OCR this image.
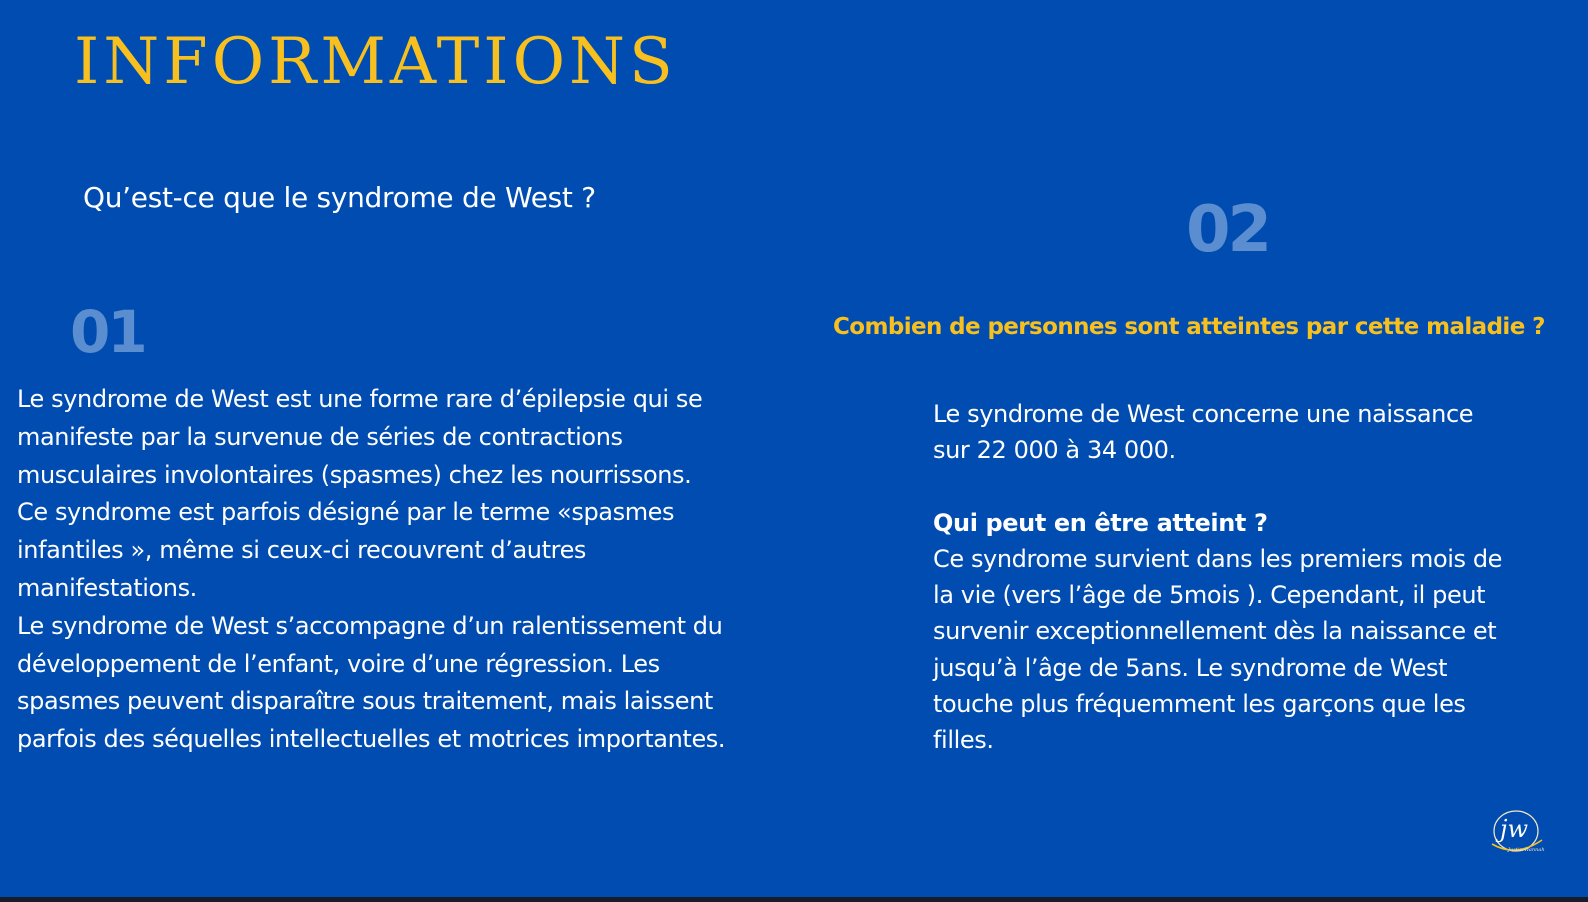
INFORMATIONS
Qu’est-ce que le syndrome de West ?	02
01	Combien de personnes sont atteintes par cette maladie ?
Le syndrome de West est une forme rare d’épilepsie qui se
manifeste par la survenue de séries de contractions
musculaires involontaires (spasmes) chez les nourrissons.
Ce syndrome est parfois désigné par le terme «spasmes
infantiles », même si ceux-ci recouvrent d’autres
manifestations.
Le syndrome de West s’accompagne d’un ralentissement du
développement de l’enfant, voire d’une régression. Les
spasmes peuvent disparaître sous traitement, mais laissent
parfois des séquelles intellectuelles et motrices importantes.
Le syndrome de West concerne une naissance
sur 22 000 à 34 000.
Qui peut en être atteint ?
Ce syndrome survient dans les premiers mois de
la vie (vers l’âge de 5mois ). Cependant, il peut
survenir exceptionnellement dès la naissance et
jusqu’à l’âge de 5ans. Le syndrome de West
touche plus fréquemment les garçons que les
filles.
jw
Justin Wannah
